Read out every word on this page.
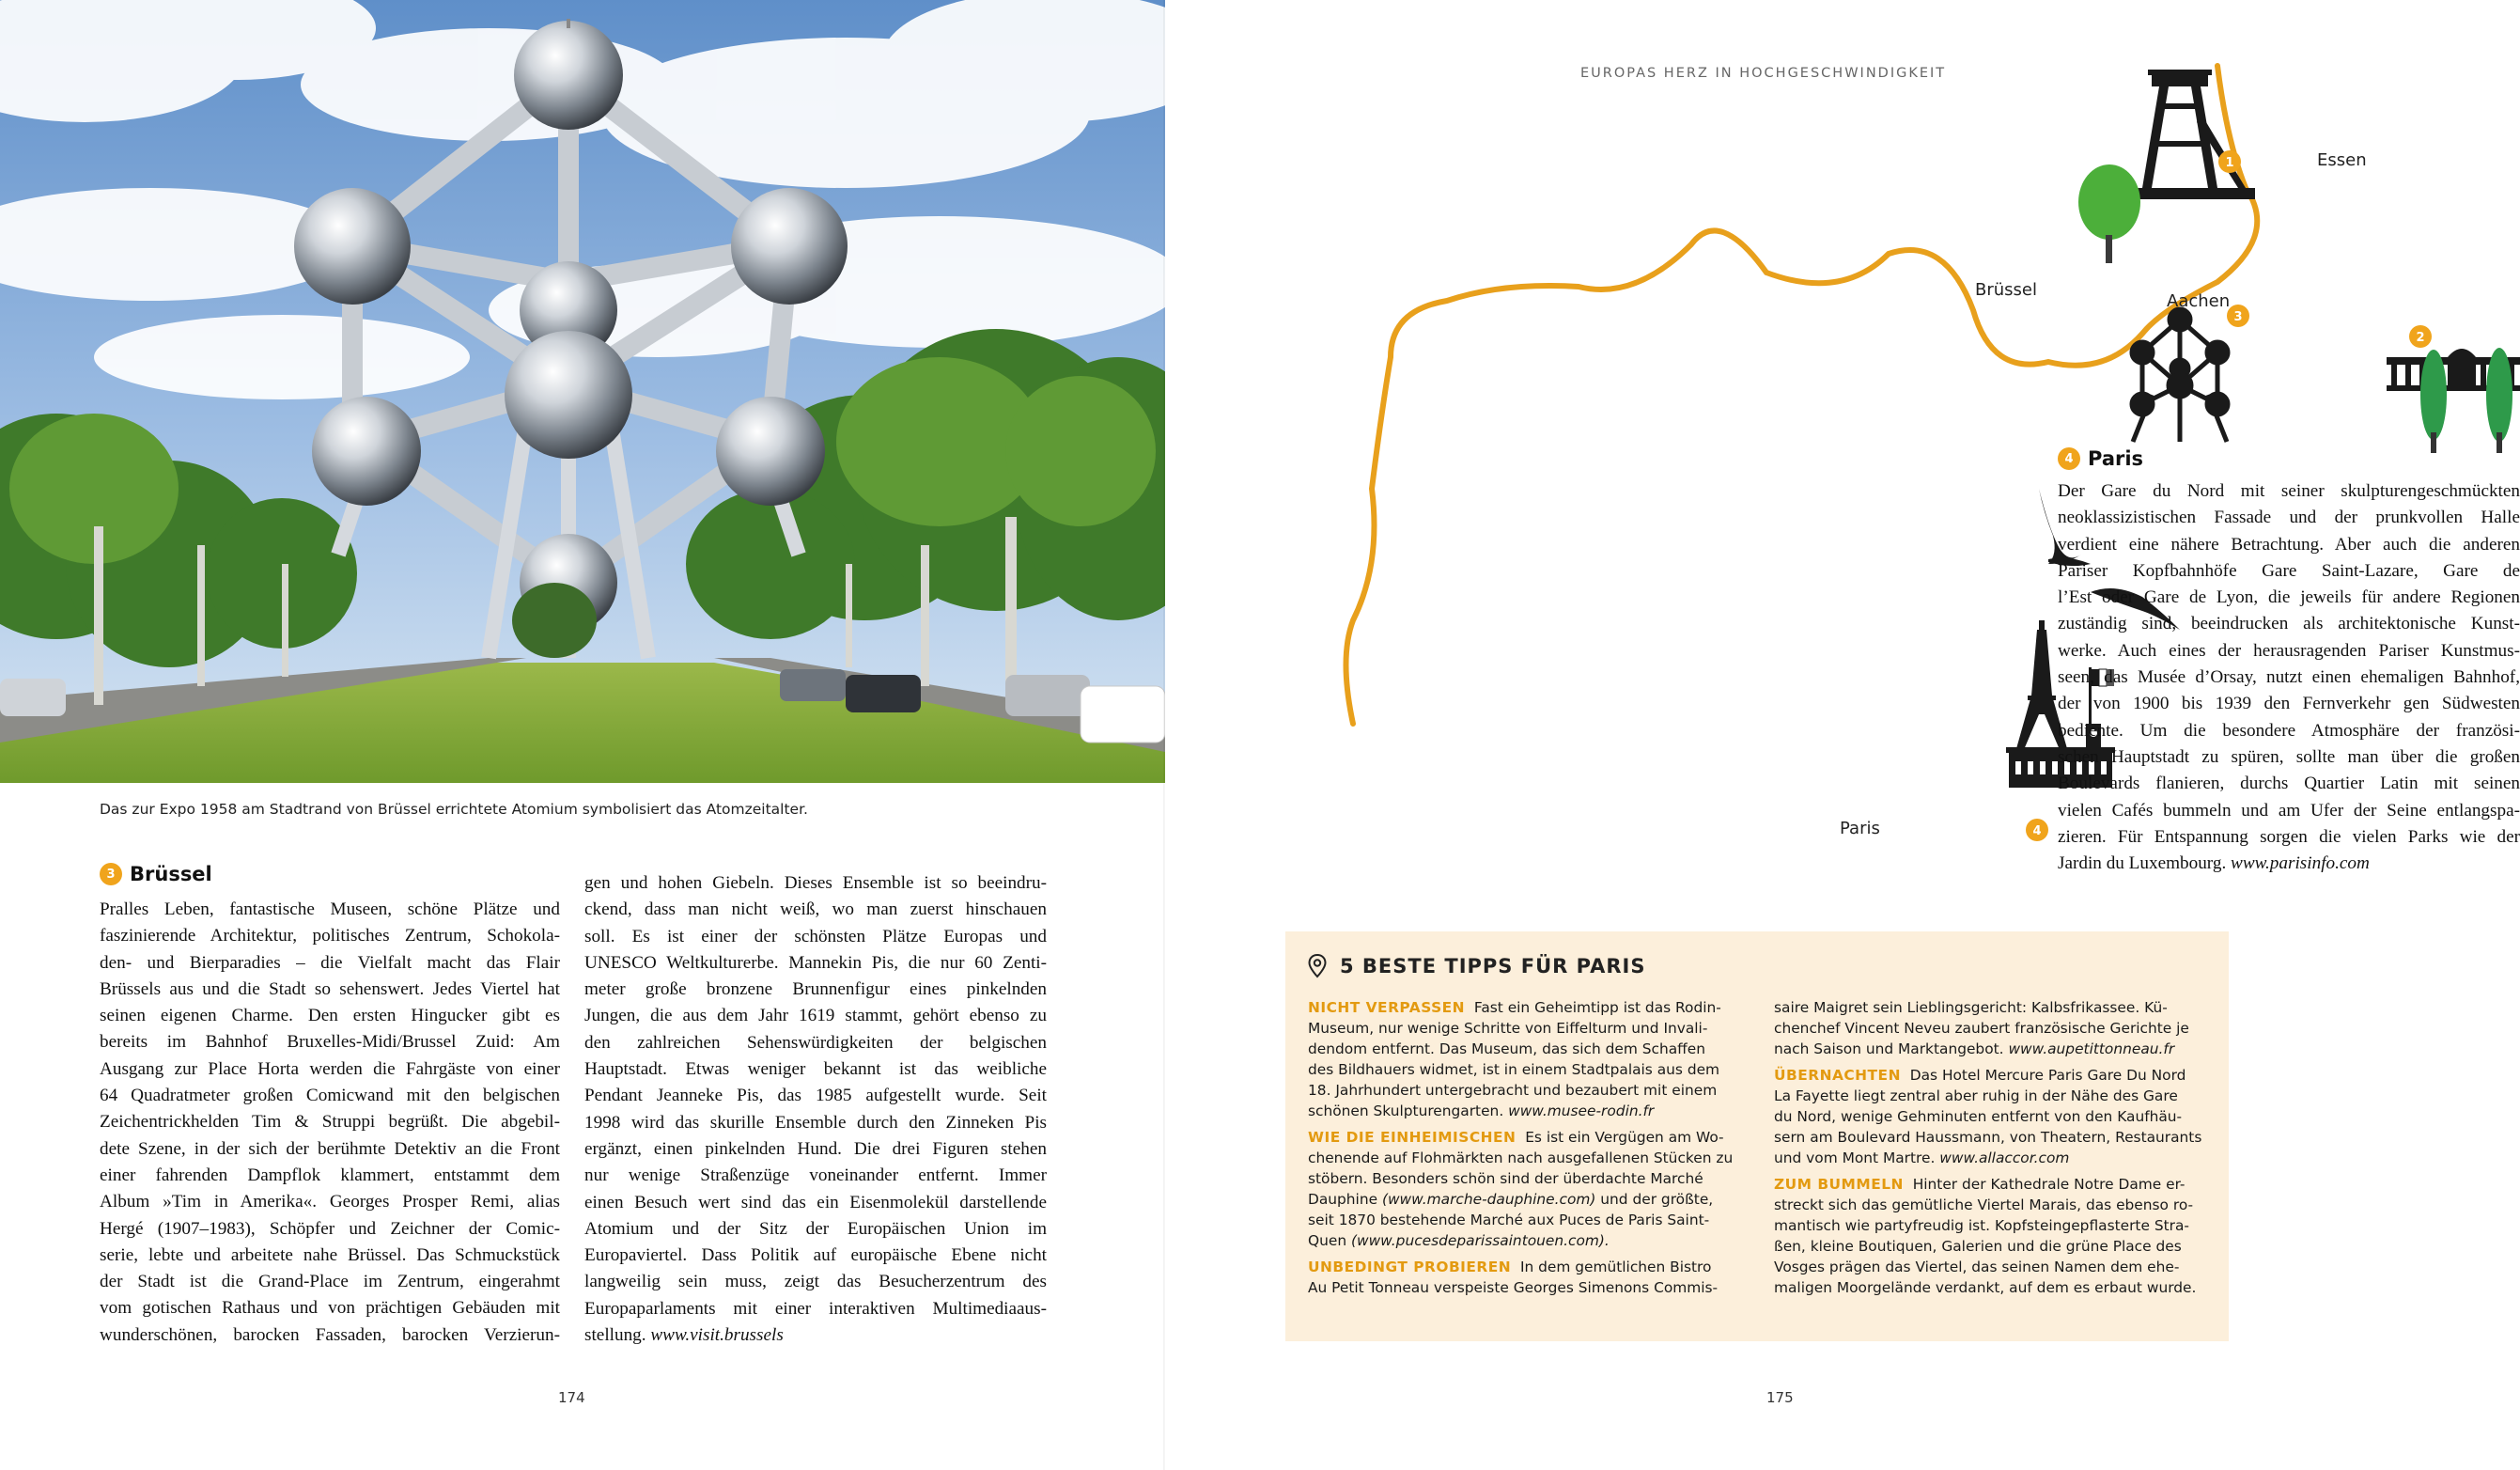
Das zur Expo 1958 am Stadtrand von Brüssel errichtete Atomium symbolisiert das Atomzeitalter.
3 Brüssel
Pralles Leben, fantastische Museen, schöne Plätze und
faszinierende Architektur, politisches Zentrum, Schokola-
den- und Bierparadies – die Vielfalt macht das Flair
Brüssels aus und die Stadt so sehenswert. Jedes Viertel hat
seinen eigenen Charme. Den ersten Hingucker gibt es
bereits im Bahnhof Bruxelles-Midi/Brussel Zuid: Am
Ausgang zur Place Horta werden die Fahrgäste von einer
64 Quadratmeter großen Comicwand mit den belgischen
Zeichentrickhelden Tim & Struppi begrüßt. Die abgebil-
dete Szene, in der sich der berühmte Detektiv an die Front
einer fahrenden Dampflok klammert, entstammt dem
Album »Tim in Amerika«. Georges Prosper Remi, alias
Hergé (1907–1983), Schöpfer und Zeichner der Comic-
serie, lebte und arbeitete nahe Brüssel. Das Schmuckstück
der Stadt ist die Grand-Place im Zentrum, eingerahmt
vom gotischen Rathaus und von prächtigen Gebäuden mit
wunderschönen, barocken Fassaden, barocken Verzierun-
gen und hohen Giebeln. Dieses Ensemble ist so beeindru-
ckend, dass man nicht weiß, wo man zuerst hinschauen
soll. Es ist einer der schönsten Plätze Europas und
UNESCO Weltkulturerbe. Mannekin Pis, die nur 60 Zenti-
meter große bronzene Brunnenfigur eines pinkelnden
Jungen, die aus dem Jahr 1619 stammt, gehört ebenso zu
den zahlreichen Sehenswürdigkeiten der belgischen
Hauptstadt. Etwas weniger bekannt ist das weibliche
Pendant Jeanneke Pis, das 1985 aufgestellt wurde. Seit
1998 wird das skurille Ensemble durch den Zinneken Pis
ergänzt, einen pinkelnden Hund. Die drei Figuren stehen
nur wenige Straßenzüge voneinander entfernt. Immer
einen Besuch wert sind das ein Eisenmolekül darstellende
Atomium und der Sitz der Europäischen Union im
Europaviertel. Dass Politik auf europäische Ebene nicht
langweilig sein muss, zeigt das Besucherzentrum des
Europaparlaments mit einer interaktiven Multimediaaus-
stellung. www.visit.brussels
174
EUROPAS HERZ IN HOCHGESCHWINDIGKEIT
1
2
3
4
Essen
Aachen
Brüssel
Paris
4 Paris
Der Gare du Nord mit seiner skulpturengeschmückten
neoklassizistischen Fassade und der prunkvollen Halle
verdient eine nähere Betrachtung. Aber auch die anderen
Pariser Kopfbahnhöfe Gare Saint-Lazare, Gare de
l’Est oder Gare de Lyon, die jeweils für andere Regionen
zuständig sind, beeindrucken als architektonische Kunst-
werke. Auch eines der herausragenden Pariser Kunstmus-
seen, das Musée d’Orsay, nutzt einen ehemaligen Bahnhof,
der von 1900 bis 1939 den Fernverkehr gen Südwesten
bediente. Um die besondere Atmosphäre der französi-
schen Hauptstadt zu spüren, sollte man über die großen
Boulevards flanieren, durchs Quartier Latin mit seinen
vielen Cafés bummeln und am Ufer der Seine entlangspa-
zieren. Für Entspannung sorgen die vielen Parks wie der
Jardin du Luxembourg. www.parisinfo.com
5 BESTE TIPPS FÜR PARIS
NICHT VERPASSEN Fast ein Geheimtipp ist das Rodin-
Museum, nur wenige Schritte von Eiffelturm und Invali-
dendom entfernt. Das Museum, das sich dem Schaffen
des Bildhauers widmet, ist in einem Stadtpalais aus dem
18. Jahrhundert untergebracht und bezaubert mit einem
schönen Skulpturengarten. www.musee-rodin.fr
WIE DIE EINHEIMISCHEN Es ist ein Vergügen am Wo-
chenende auf Flohmärkten nach ausgefallenen Stücken zu
stöbern. Besonders schön sind der überdachte Marché
Dauphine (www.marche-dauphine.com) und der größte,
seit 1870 bestehende Marché aux Puces de Paris Saint-
Quen (www.pucesdeparissaintouen.com).
UNBEDINGT PROBIEREN In dem gemütlichen Bistro
Au Petit Tonneau verspeiste Georges Simenons Commis-
saire Maigret sein Lieblingsgericht: Kalbsfrikassee. Kü-
chenchef Vincent Neveu zaubert französische Gerichte je
nach Saison und Marktangebot. www.aupetittonneau.fr
ÜBERNACHTEN Das Hotel Mercure Paris Gare Du Nord
La Fayette liegt zentral aber ruhig in der Nähe des Gare
du Nord, wenige Gehminuten entfernt von den Kaufhäu-
sern am Boulevard Haussmann, von Theatern, Restaurants
und vom Mont Martre. www.allaccor.com
ZUM BUMMELN Hinter der Kathedrale Notre Dame er-
streckt sich das gemütliche Viertel Marais, das ebenso ro-
mantisch wie partyfreudig ist. Kopfsteingepflasterte Stra-
ßen, kleine Boutiquen, Galerien und die grüne Place des
Vosges prägen das Viertel, das seinen Namen dem ehe-
maligen Moorgelände verdankt, auf dem es erbaut wurde.
175
